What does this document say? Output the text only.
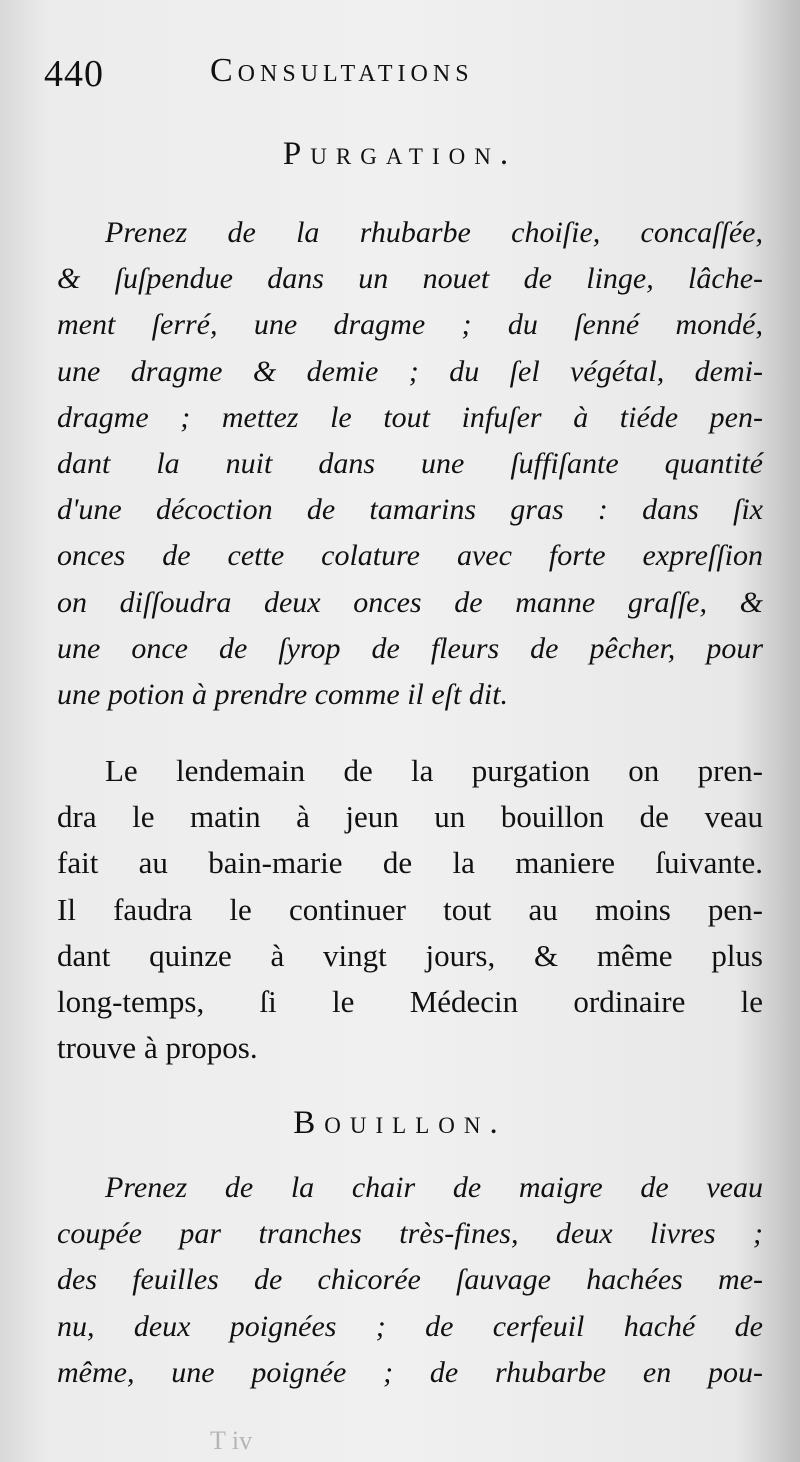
440	Consultations
Purgation.
Prenez de la rhubarbe choiſie, concaſſée,
& ſuſpendue dans un nouet de linge, lâche-
ment ſerré, une dragme ; du ſenné mondé,
une dragme & demie ; du ſel végétal, demi-
dragme ; mettez le tout infuſer à tiéde pen-
dant la nuit dans une ſuffiſante quantité
d'une décoction de tamarins gras : dans ſix
onces de cette colature avec forte expreſſion
on diſſoudra deux onces de manne graſſe, &
une once de ſyrop de fleurs de pêcher, pour
une potion à prendre comme il eſt dit.
Le lendemain de la purgation on pren-
dra le matin à jeun un bouillon de veau
fait au bain-marie de la maniere ſuivante.
Il faudra le continuer tout au moins pen-
dant quinze à vingt jours, & même plus
long-temps, ſi le Médecin ordinaire le
trouve à propos.
Bouillon.
Prenez de la chair de maigre de veau
coupée par tranches très-fines, deux livres ;
des feuilles de chicorée ſauvage hachées me-
nu, deux poignées ; de cerfeuil haché de
même, une poignée ; de rhubarbe en pou-
T iv
